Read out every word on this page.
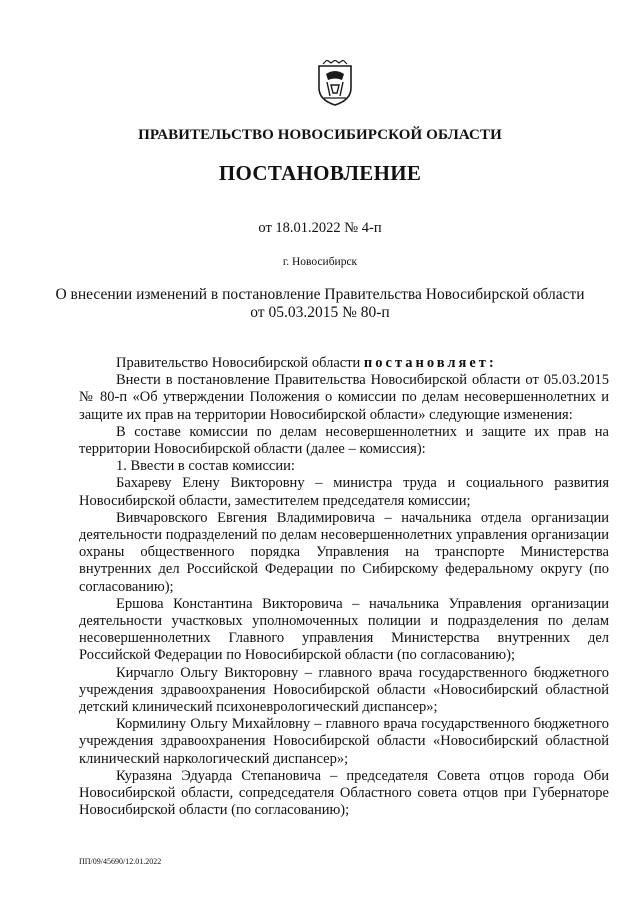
ПРАВИТЕЛЬСТВО НОВОСИБИРСКОЙ ОБЛАСТИ
ПОСТАНОВЛЕНИЕ
от 18.01.2022 № 4-п
г. Новосибирск
О внесении изменений в постановление Правительства Новосибирской области
от 05.03.2015 № 80-п

Правительство Новосибирской области постановляет:

Внести в постановление Правительства Новосибирской области от 05.03.2015 № 80-п «Об утверждении Положения о комиссии по делам несовершеннолетних и защите их прав на территории Новосибирской области» следующие изменения:

В составе комиссии по делам несовершеннолетних и защите их прав на территории Новосибирской области (далее – комиссия):

1. Ввести в состав комиссии:

Бахареву Елену Викторовну – министра труда и социального развития Новосибирской области, заместителем председателя комиссии;

Вивчаровского Евгения Владимировича – начальника отдела организации деятельности подразделений по делам несовершеннолетних управления организации охраны общественного порядка Управления на транспорте Министерства внутренних дел Российской Федерации по Сибирскому федеральному округу (по согласованию);

Ершова Константина Викторовича – начальника Управления организации деятельности участковых уполномоченных полиции и подразделения по делам несовершеннолетних Главного управления Министерства внутренних дел Российской Федерации по Новосибирской области (по согласованию);

Кирчагло Ольгу Викторовну – главного врача государственного бюджетного учреждения здравоохранения Новосибирской области «Новосибирский областной детский клинический психоневрологический диспансер»;

Кормилину Ольгу Михайловну – главного врача государственного бюджетного учреждения здравоохранения Новосибирской области «Новосибирский областной клинический наркологический диспансер»;

Куразяна Эдуарда Степановича – председателя Совета отцов города Оби Новосибирской области, сопредседателя Областного совета отцов при Губернаторе Новосибирской области (по согласованию);

ПП/09/45690/12.01.2022
